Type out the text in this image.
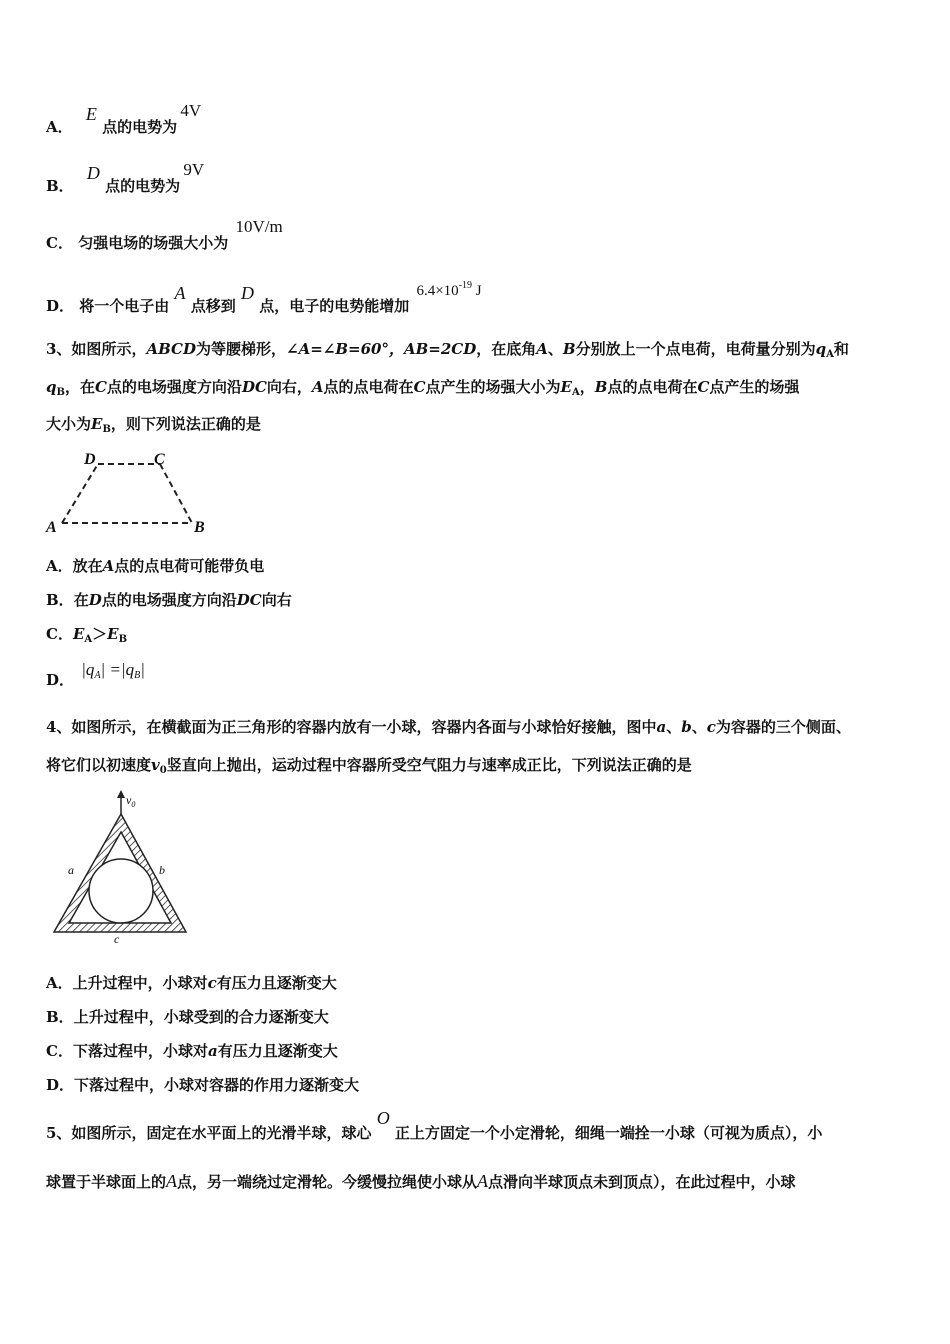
A． E 点的电势为 4V
B． D 点的电势为 9V
C． 匀强电场的场强大小为 10V/m
D． 将一个电子由 A 点移到 D 点，电子的电势能增加 $6.4\times 10^{-19}$ J
3、如图所示，ABCD为等腰梯形，∠A=∠B=60°，AB=2CD，在底角A、B分别放上一个点电荷，电荷量分别为$q_A$和
$q_B$，在C点的电场强度方向沿DC向右，A点的点电荷在C点产生的场强大小为$E_A$，B点的点电荷在C点产生的场强
大小为$E_B$，则下列说法正确的是
D	C
A	B
A．放在A点的点电荷可能带负电
B．在D点的电场强度方向沿DC向右
C．$E_A>E_B$
D． $|q_A| =|q_B|$
4、如图所示，在横截面为正三角形的容器内放有一小球，容器内各面与小球恰好接触，图中a、b、c为容器的三个侧面、
将它们以初速度$v_0$竖直向上抛出，运动过程中容器所受空气阻力与速率成正比，下列说法正确的是
$v_0$
a	b
c
A．上升过程中，小球对c有压力且逐渐变大
B．上升过程中，小球受到的合力逐渐变大
C．下落过程中，小球对a有压力且逐渐变大
D．下落过程中，小球对容器的作用力逐渐变大
5、如图所示，固定在水平面上的光滑半球，球心 O 正上方固定一个小定滑轮，细绳一端拴一小球（可视为质点），小
球置于半球面上的A点，另一端绕过定滑轮。今缓慢拉绳使小球从A点滑向半球顶点未到顶点），在此过程中，小球
